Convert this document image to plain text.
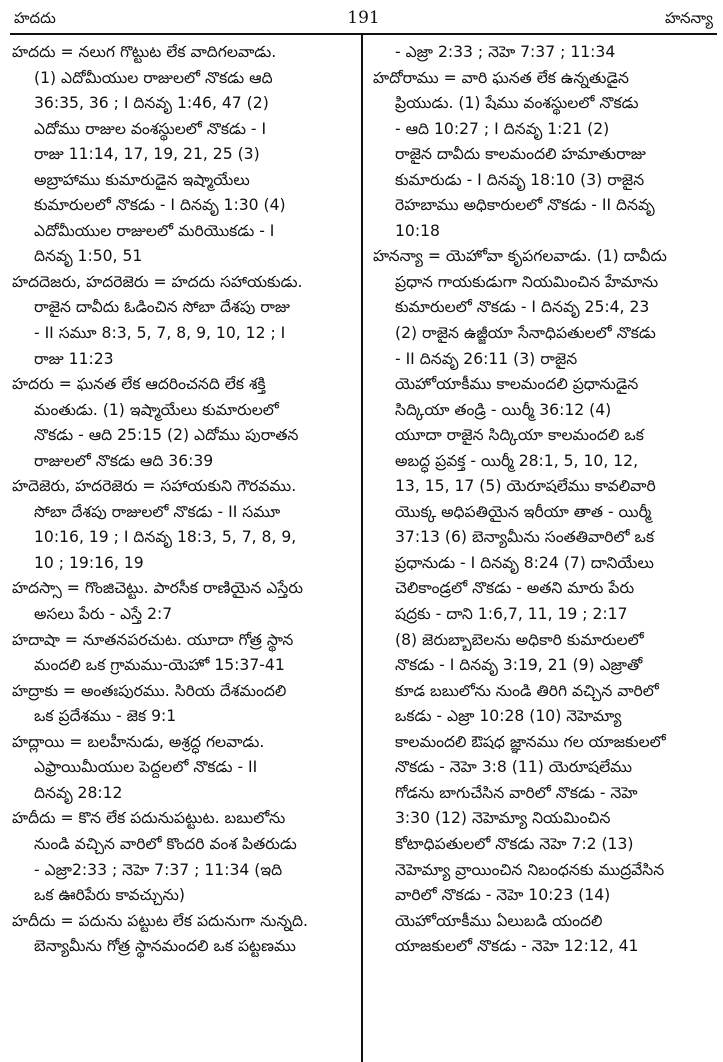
హదదు	191	హనన్యా
హదదు = నలుగ గొట్టుట లేక వాదిగలవాడు.
(1) ఎదోమీయుల రాజులలో నొకడు ఆది
36:35, 36 ; I దినవృ 1:46, 47 (2)
ఎదోము రాజుల వంశస్థులలో నొకడు - I
రాజు 11:14, 17, 19, 21, 25 (3)
అబ్రాహాము కుమారుడైన ఇష్మాయేలు
కుమారులలో నొకడు - I దినవృ 1:30 (4)
ఎదోమీయుల రాజులలో మరియొకడు - I
దినవృ 1:50, 51
హదదెజరు, హదరెజెరు = హదదు సహాయకుడు.
రాజైన దావీదు ఓడించిన సోబా దేశపు రాజు
- II సమూ 8:3, 5, 7, 8, 9, 10, 12 ; I
రాజు 11:23
హదరు = ఘనత లేక ఆదరించనది లేక శక్తి
మంతుడు. (1) ఇష్మాయేలు కుమారులలో
నొకడు - ఆది 25:15 (2) ఎదోము పురాతన
రాజులలో నొకడు ఆది 36:39
హదెజెరు, హదరెజెరు = సహాయకుని గౌరవము.
సోబా దేశపు రాజులలో నొకడు - II సమూ
10:16, 19 ; I దినవృ 18:3, 5, 7, 8, 9,
10 ; 19:16, 19
హదస్సా = గొంజిచెట్టు. పారసీక రాణియైన ఎస్తేరు
అసలు పేరు - ఎస్తే 2:7
హదాషా = నూతనపరచుట. యూదా గోత్ర స్థాన
మందలి ఒక గ్రామము-యెహో 15:37-41
హద్రాకు = అంతఃపురము. సిరియ దేశమందలి
ఒక ప్రదేశము - జెక 9:1
హద్లాయి = బలహీనుడు, అశ్రద్ధ గలవాడు.
ఎఫ్రాయిమీయుల పెద్దలలో నొకడు - II
దినవృ 28:12
హదీదు = కొన లేక పదునుపట్టుట. బబులోను
నుండి వచ్చిన వారిలో కొందరి వంశ పితరుడు
- ఎజ్రా2:33 ; నెహె 7:37 ; 11:34 (ఇది
ఒక ఊరిపేరు కావచ్చును)
హదీదు = పదును పట్టుట లేక పదునుగా నున్నది.
బెన్యామీను గోత్ర స్థానమందలి ఒక పట్టణము
- ఎజ్రా 2:33 ; నెహె 7:37 ; 11:34
హదోరాము = వారి ఘనత లేక ఉన్నతుడైన
ప్రియుడు. (1) షేము వంశస్థులలో నొకడు
- ఆది 10:27 ; I దినవృ 1:21 (2)
రాజైన దావీదు కాలమందలి హమాతురాజు
కుమారుడు - I దినవృ 18:10 (3) రాజైన
రెహబాము అధికారులలో నొకడు - II దినవృ
10:18
హనన్యా = యెహోవా కృపగలవాడు. (1) దావీదు
ప్రధాన గాయకుడుగా నియమించిన హేమాను
కుమారులలో నొకడు - I దినవృ 25:4, 23
(2) రాజైన ఉజ్జీయా సేనాధిపతులలో నొకడు
- II దినవృ 26:11 (3) రాజైన
యెహోయాకీము కాలమందలి ప్రధానుడైన
సిద్కియా తండ్రి - యిర్మీ 36:12 (4)
యూదా రాజైన సిద్కియా కాలమందలి ఒక
అబద్ధ ప్రవక్త - యిర్మీ 28:1, 5, 10, 12,
13, 15, 17 (5) యెరూషలేము కావలివారి
యొక్క అధిపతియైన ఇరీయా తాత - యిర్మీ
37:13 (6) బెన్యామీను సంతతివారిలో ఒక
ప్రధానుడు - I దినవృ 8:24 (7) దానియేలు
చెలికాండ్రలో నొకడు - అతని మారు పేరు
షద్రకు - దాని 1:6,7, 11, 19 ; 2:17
(8) జెరుబ్బాబెలను అధికారి కుమారులలో
నొకడు - I దినవృ 3:19, 21 (9) ఎజ్రాతో
కూడ బబులోను నుండి తిరిగి వచ్చిన వారిలో
ఒకడు - ఎజ్రా 10:28 (10) నెహెమ్యా
కాలమందలి ఔషధ జ్ఞానము గల యాజకులలో
నొకడు - నెహె 3:8 (11) యెరూషలేము
గోడను బాగుచేసిన వారిలో నొకడు - నెహె
3:30 (12) నెహెమ్యా నియమించిన
కోటాధిపతులలో నొకడు నెహె 7:2 (13)
నెహెమ్యా వ్రాయించిన నిబంధనకు ముద్రవేసిన
వారిలో నొకడు - నెహె 10:23 (14)
యెహోయాకీము ఏలుబడి యందలి
యాజకులలో నొకడు - నెహె 12:12, 41
